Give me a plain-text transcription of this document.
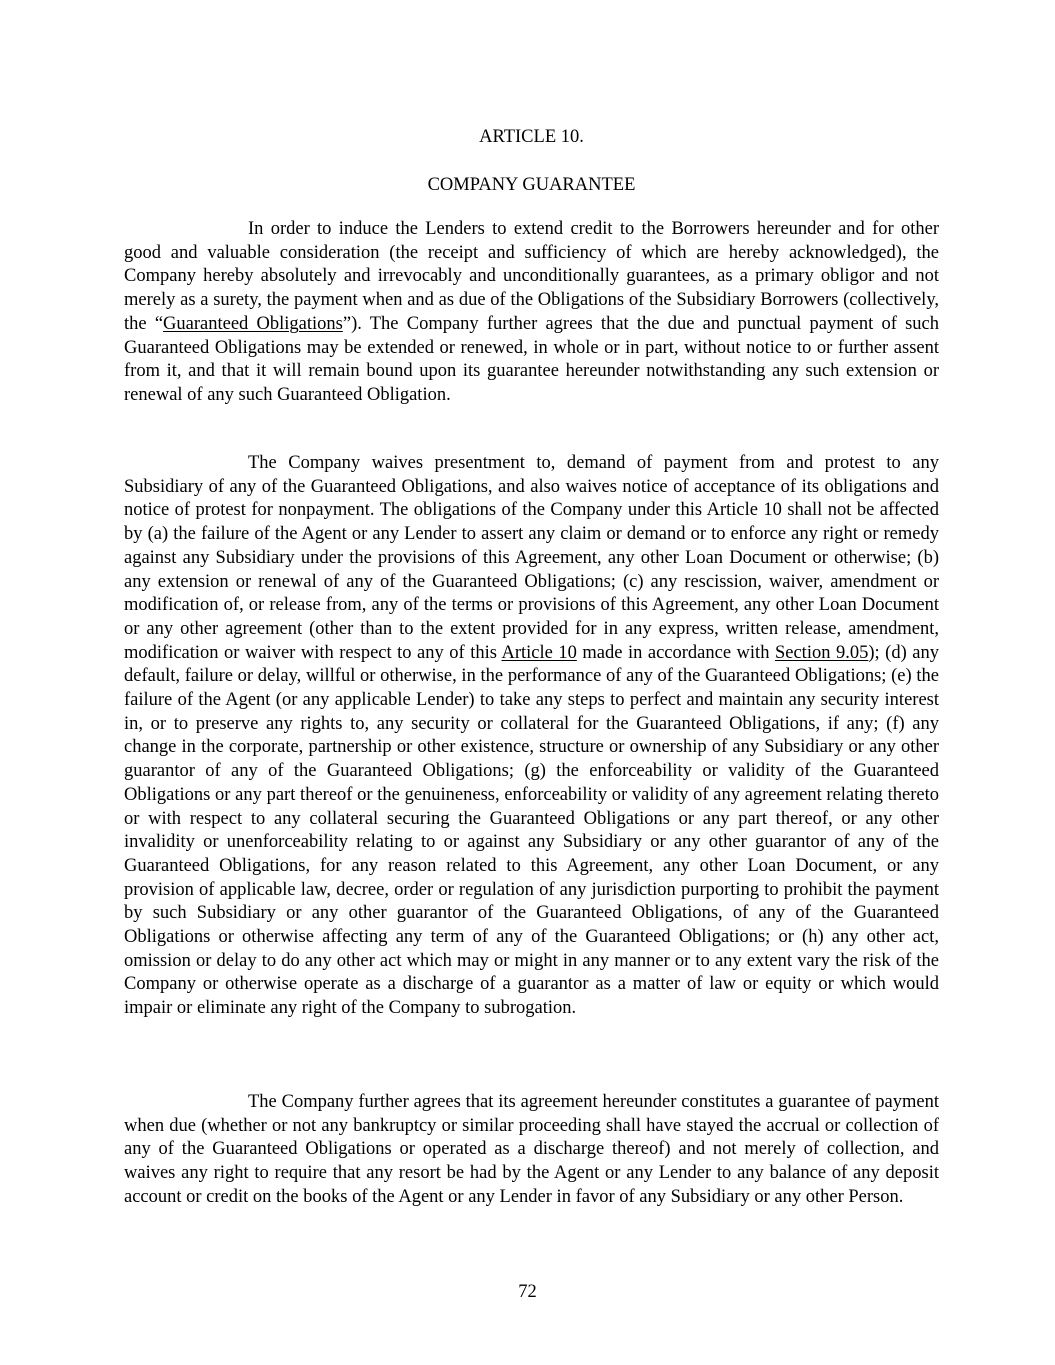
ARTICLE 10.
COMPANY GUARANTEE

In order to induce the Lenders to extend credit to the Borrowers hereunder and for other good and valuable consideration (the receipt and sufficiency of which are hereby acknowledged), the Company hereby absolutely and irrevocably and unconditionally guarantees, as a primary obligor and not merely as a surety, the payment when and as due of the Obligations of the Subsidiary Borrowers (collectively, the “Guaranteed Obligations”). The Company further agrees that the due and punctual payment of such Guaranteed Obligations may be extended or renewed, in whole or in part, without notice to or further assent from it, and that it will remain bound upon its guarantee hereunder notwithstanding any such extension or renewal of any such Guaranteed Obligation.

The Company waives presentment to, demand of payment from and protest to any Subsidiary of any of the Guaranteed Obligations, and also waives notice of acceptance of its obligations and notice of protest for nonpayment. The obligations of the Company under this Article 10 shall not be affected by (a) the failure of the Agent or any Lender to assert any claim or demand or to enforce any right or remedy against any Subsidiary under the provisions of this Agreement, any other Loan Document or otherwise; (b) any extension or renewal of any of the Guaranteed Obligations; (c) any rescission, waiver, amendment or modification of, or release from, any of the terms or provisions of this Agreement, any other Loan Document or any other agreement (other than to the extent provided for in any express, written release, amendment, modification or waiver with respect to any of this Article 10 made in accordance with Section 9.05); (d) any default, failure or delay, willful or otherwise, in the performance of any of the Guaranteed Obligations; (e) the failure of the Agent (or any applicable Lender) to take any steps to perfect and maintain any security interest in, or to preserve any rights to, any security or collateral for the Guaranteed Obligations, if any; (f) any change in the corporate, partnership or other existence, structure or ownership of any Subsidiary or any other guarantor of any of the Guaranteed Obligations; (g) the enforceability or validity of the Guaranteed Obligations or any part thereof or the genuineness, enforceability or validity of any agreement relating thereto or with respect to any collateral securing the Guaranteed Obligations or any part thereof, or any other invalidity or unenforceability relating to or against any Subsidiary or any other guarantor of any of the Guaranteed Obligations, for any reason related to this Agreement, any other Loan Document, or any provision of applicable law, decree, order or regulation of any jurisdiction purporting to prohibit the payment by such Subsidiary or any other guarantor of the Guaranteed Obligations, of any of the Guaranteed Obligations or otherwise affecting any term of any of the Guaranteed Obligations; or (h) any other act, omission or delay to do any other act which may or might in any manner or to any extent vary the risk of the Company or otherwise operate as a discharge of a guarantor as a matter of law or equity or which would impair or eliminate any right of the Company to subrogation.

The Company further agrees that its agreement hereunder constitutes a guarantee of payment when due (whether or not any bankruptcy or similar proceeding shall have stayed the accrual or collection of any of the Guaranteed Obligations or operated as a discharge thereof) and not merely of collection, and waives any right to require that any resort be had by the Agent or any Lender to any balance of any deposit account or credit on the books of the Agent or any Lender in favor of any Subsidiary or any other Person.

72
